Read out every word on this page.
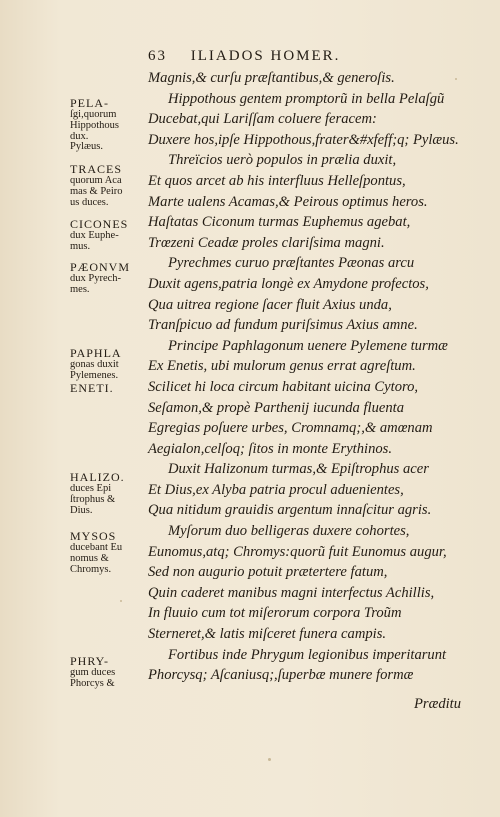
63 ILIADOS HOMER.
Magnis,& curſu præſtantibus,& generoſis.
Hippothous gentem promptorũ in bella Pelaſgũ
Ducebat,qui Lariſſam coluere feracem:
Duxere hos,ipſe Hippothous,frater&#xfeff;q; Pylæus.
Threïcios uerò populos in prælia duxit,
Et quos arcet ab his interfluus Helleſpontus,
Marte ualens Acamas,& Peirous optimus heros.
Haſtatas Ciconum turmas Euphemus agebat,
Trœzeni Ceadæ proles clariſsima magni.
Pyrechmes curuo præſtantes Pæonas arcu
Duxit agens,patria longè ex Amydone profectos,
Qua uitrea regione ſacer fluit Axius unda,
Tranſpicuo ad fundum puriſsimus Axius amne.
Principe Paphlagonum uenere Pylemene turmæ
Ex Enetis, ubi mulorum genus errat agreſtum.
Scilicet hi loca circum habitant uicina Cytoro,
Seſamon,& propè Parthenij iucunda fluenta
Egregias poſuere urbes, Cromnamq;,& amœnam
Aegialon,celſoq; ſitos in monte Erythinos.
Duxit Halizonum turmas,& Epiſtrophus acer
Et Dius,ex Alyba patria procul aduenientes,
Qua nitidum grauidis argentum innaſcitur agris.
Myſorum duo belligeras duxere cohortes,
Eunomus,atq; Chromys:quorũ fuit Eunomus augur,
Sed non augurio potuit prætertere fatum,
Quin caderet manibus magni interfectus Achillis,
In fluuio cum tot miſerorum corpora Troũm
Sterneret,& latis miſceret funera campis.
Fortibus inde Phrygum legionibus imperitarunt
Phorcysq; Aſcaniusq;,ſuperbæ munere formæ
Præditu
PELA-
ſgi,quorum
Hippothous
dux.
Pylæus.
TRACES
quorum Aca
mas & Peiro
us duces.
CICONES
dux Euphe-
mus.
PÆONVM
dux Pyrech-
mes.
PAPHLA
gonas duxit
Pylemenes.
ENETI.
HALIZO.
duces Epi
ſtrophus &
Dius.
MYSOS
ducebant Eu
nomus &
Chromys.
PHRY-
gum duces
Phorcys &
